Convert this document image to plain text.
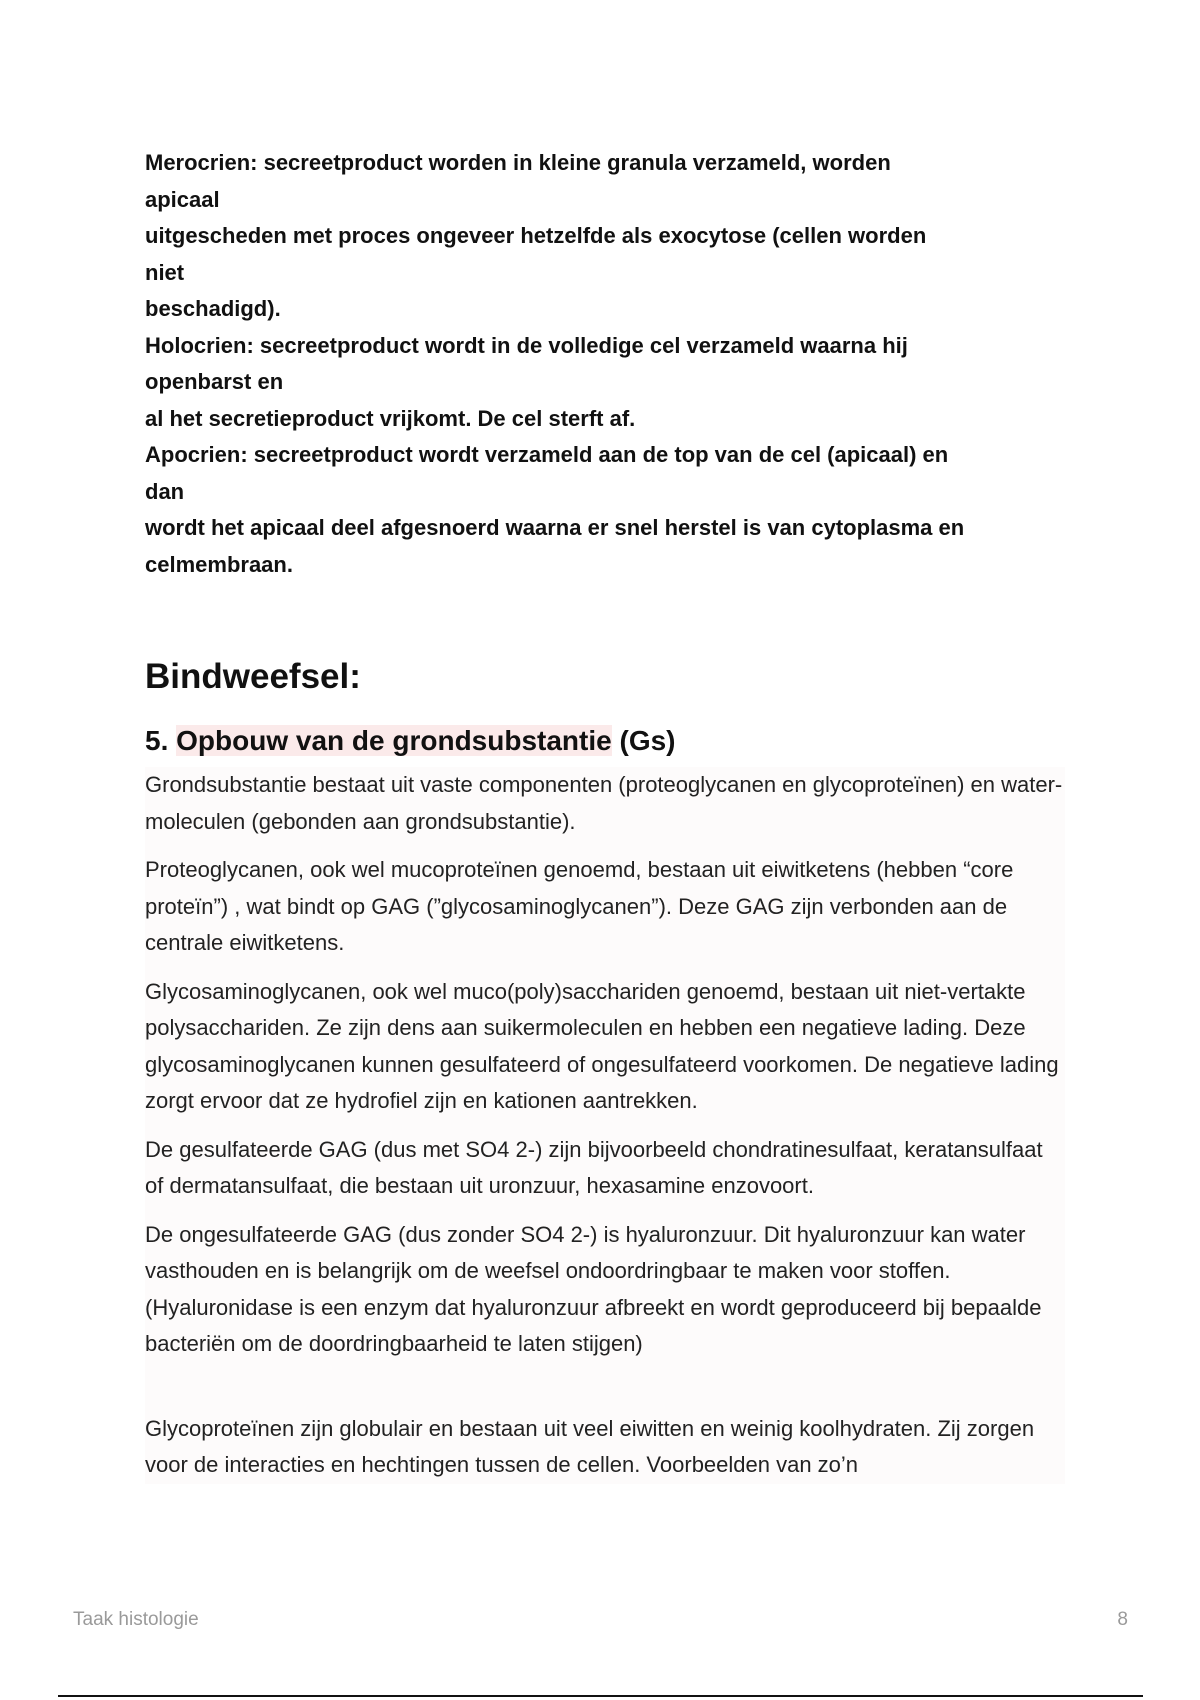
Merocrien: secreetproduct worden in kleine granula verzameld, worden

apicaal

uitgescheden met proces ongeveer hetzelfde als exocytose (cellen worden

niet

beschadigd).

Holocrien: secreetproduct wordt in de volledige cel verzameld waarna hij

openbarst en

al het secretieproduct vrijkomt. De cel sterft af.

Apocrien: secreetproduct wordt verzameld aan de top van de cel (apicaal) en

dan

wordt het apicaal deel afgesnoerd waarna er snel herstel is van cytoplasma en

celmembraan.

Bindweefsel:
5. Opbouw van de grondsubstantie (Gs)

Grondsubstantie bestaat uit vaste componenten (proteoglycanen en glycoproteïnen) en water-moleculen (gebonden aan grondsubstantie).

Proteoglycanen, ook wel mucoproteïnen genoemd, bestaan uit eiwitketens (hebben “core proteïn”) , wat bindt op GAG (”glycosaminoglycanen”). Deze GAG zijn verbonden aan de centrale eiwitketens.

Glycosaminoglycanen, ook wel muco(poly)sacchariden genoemd, bestaan uit niet-vertakte polysacchariden. Ze zijn dens aan suikermoleculen en hebben een negatieve lading. Deze glycosaminoglycanen kunnen gesulfateerd of ongesulfateerd voorkomen. De negatieve lading zorgt ervoor dat ze hydrofiel zijn en kationen aantrekken.

De gesulfateerde GAG (dus met SO4 2-) zijn bijvoorbeeld chondratinesulfaat, keratansulfaat of dermatansulfaat, die bestaan uit uronzuur, hexasamine enzovoort.

De ongesulfateerde GAG (dus zonder SO4 2-) is hyaluronzuur. Dit hyaluronzuur kan water vasthouden en is belangrijk om de weefsel ondoordringbaar te maken voor stoffen. (Hyaluronidase is een enzym dat hyaluronzuur afbreekt en wordt geproduceerd bij bepaalde bacteriën om de doordringbaarheid te laten stijgen)

Glycoproteïnen zijn globulair en bestaan uit veel eiwitten en weinig koolhydraten. Zij zorgen voor de interacties en hechtingen tussen de cellen. Voorbeelden van zo’n

Taak histologie	8
